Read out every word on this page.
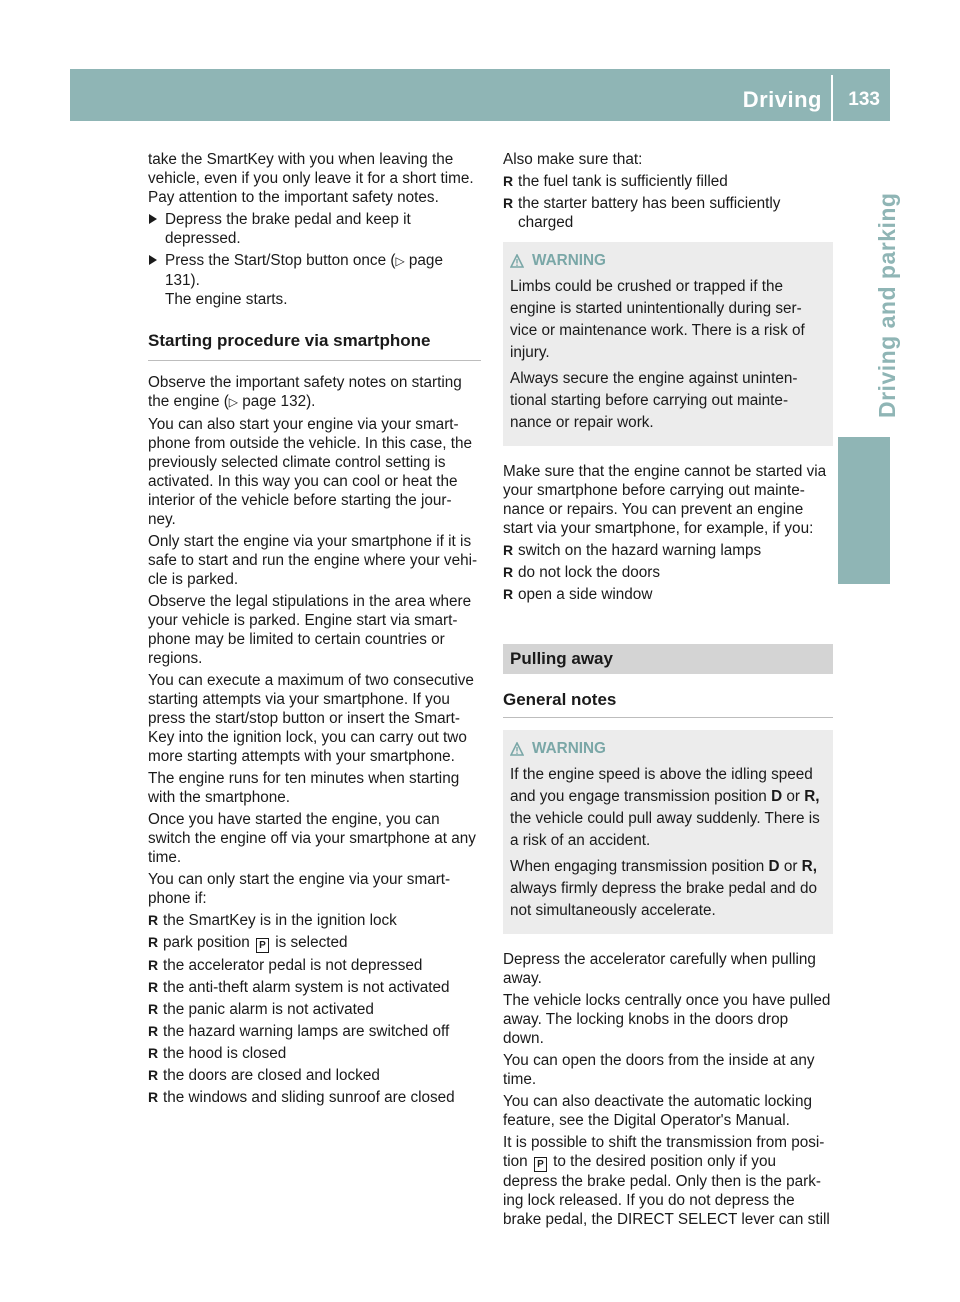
Driving 133
Driving and parking

take the SmartKey with you when leaving the vehicle, even if you only leave it for a short time. Pay attention to the important safety notes.

Depress the brake pedal and keep it depressed.
Press the Start/Stop button once (▷ page 131).
The engine starts.
Starting procedure via smartphone

Observe the important safety notes on starting the engine (▷ page 132).

You can also start your engine via your smart- phone from outside the vehicle. In this case, the previously selected climate control setting is activated. In this way you can cool or heat the interior of the vehicle before starting the jour- ney.

Only start the engine via your smartphone if it is safe to start and run the engine where your vehi- cle is parked.

Observe the legal stipulations in the area where your vehicle is parked. Engine start via smart- phone may be limited to certain countries or regions.

You can execute a maximum of two consecutive starting attempts via your smartphone. If you press the start/stop button or insert the Smart- Key into the ignition lock, you can carry out two more starting attempts with your smartphone.

The engine runs for ten minutes when starting with the smartphone.

Once you have started the engine, you can switch the engine off via your smartphone at any time.

You can only start the engine via your smart- phone if:

R the SmartKey is in the ignition lock
R park position P is selected
R the accelerator pedal is not depressed
R the anti-theft alarm system is not activated
R the panic alarm is not activated
R the hazard warning lamps are switched off
R the hood is closed
R the doors are closed and locked
R the windows and sliding sunroof are closed

Also make sure that:

R the fuel tank is sufficiently filled
R the starter battery has been sufficiently charged
WARNING

Limbs could be crushed or trapped if the engine is started unintentionally during ser- vice or maintenance work. There is a risk of injury.

Always secure the engine against uninten- tional starting before carrying out mainte- nance or repair work.

Make sure that the engine cannot be started via your smartphone before carrying out mainte- nance or repairs. You can prevent an engine start via your smartphone, for example, if you:

R switch on the hazard warning lamps
R do not lock the doors
R open a side window
Pulling away
General notes
WARNING

If the engine speed is above the idling speed and you engage transmission position D or R, the vehicle could pull away suddenly. There is a risk of an accident.

When engaging transmission position D or R, always firmly depress the brake pedal and do not simultaneously accelerate.

Depress the accelerator carefully when pulling away.

The vehicle locks centrally once you have pulled away. The locking knobs in the doors drop down.

You can open the doors from the inside at any time.

You can also deactivate the automatic locking feature, see the Digital Operator's Manual.

It is possible to shift the transmission from posi- tion P to the desired position only if you depress the brake pedal. Only then is the park- ing lock released. If you do not depress the brake pedal, the DIRECT SELECT lever can still
